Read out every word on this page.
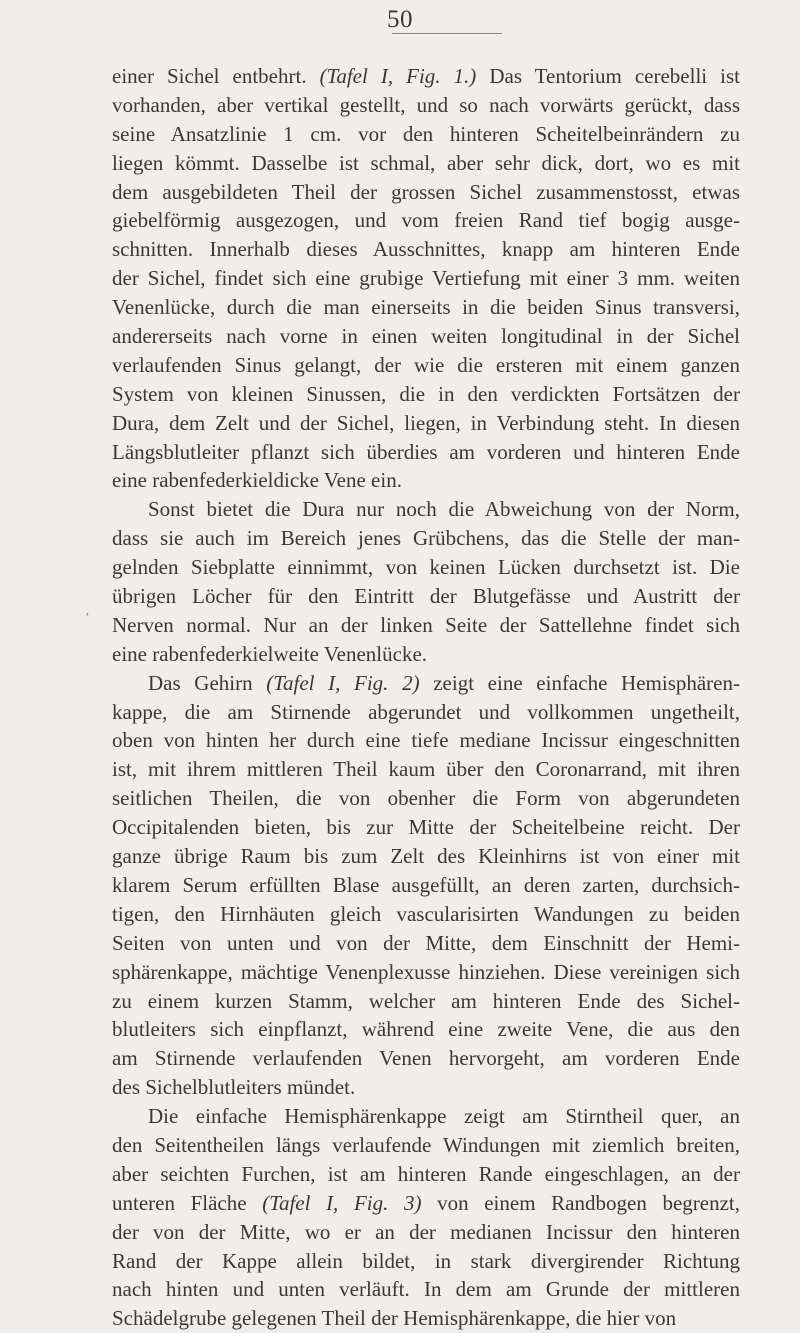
50
,
einer Sichel entbehrt. (Tafel I, Fig. 1.) Das Tentorium cerebelli ist
vorhanden, aber vertikal gestellt, und so nach vorwärts gerückt, dass
seine Ansatzlinie 1 cm. vor den hinteren Scheitelbeinrändern zu
liegen kömmt. Dasselbe ist schmal, aber sehr dick, dort, wo es mit
dem ausgebildeten Theil der grossen Sichel zusammenstosst, etwas
giebelförmig ausgezogen, und vom freien Rand tief bogig ausge-
schnitten. Innerhalb dieses Ausschnittes, knapp am hinteren Ende
der Sichel, findet sich eine grubige Vertiefung mit einer 3 mm. weiten
Venenlücke, durch die man einerseits in die beiden Sinus transversi,
andererseits nach vorne in einen weiten longitudinal in der Sichel
verlaufenden Sinus gelangt, der wie die ersteren mit einem ganzen
System von kleinen Sinussen, die in den verdickten Fortsätzen der
Dura, dem Zelt und der Sichel, liegen, in Verbindung steht. In diesen
Längsblutleiter pflanzt sich überdies am vorderen und hinteren Ende
eine rabenfederkieldicke Vene ein.
Sonst bietet die Dura nur noch die Abweichung von der Norm,
dass sie auch im Bereich jenes Grübchens, das die Stelle der man-
gelnden Siebplatte einnimmt, von keinen Lücken durchsetzt ist. Die
übrigen Löcher für den Eintritt der Blutgefässe und Austritt der
Nerven normal. Nur an der linken Seite der Sattellehne findet sich
eine rabenfederkielweite Venenlücke.
Das Gehirn (Tafel I, Fig. 2) zeigt eine einfache Hemisphären-
kappe, die am Stirnende abgerundet und vollkommen ungetheilt,
oben von hinten her durch eine tiefe mediane Incissur eingeschnitten
ist, mit ihrem mittleren Theil kaum über den Coronarrand, mit ihren
seitlichen Theilen, die von obenher die Form von abgerundeten
Occipitalenden bieten, bis zur Mitte der Scheitelbeine reicht. Der
ganze übrige Raum bis zum Zelt des Kleinhirns ist von einer mit
klarem Serum erfüllten Blase ausgefüllt, an deren zarten, durchsich-
tigen, den Hirnhäuten gleich vascularisirten Wandungen zu beiden
Seiten von unten und von der Mitte, dem Einschnitt der Hemi-
sphärenkappe, mächtige Venenplexusse hinziehen. Diese vereinigen sich
zu einem kurzen Stamm, welcher am hinteren Ende des Sichel-
blutleiters sich einpflanzt, während eine zweite Vene, die aus den
am Stirnende verlaufenden Venen hervorgeht, am vorderen Ende
des Sichelblutleiters mündet.
Die einfache Hemisphärenkappe zeigt am Stirntheil quer, an
den Seitentheilen längs verlaufende Windungen mit ziemlich breiten,
aber seichten Furchen, ist am hinteren Rande eingeschlagen, an der
unteren Fläche (Tafel I, Fig. 3) von einem Randbogen begrenzt,
der von der Mitte, wo er an der medianen Incissur den hinteren
Rand der Kappe allein bildet, in stark divergirender Richtung
nach hinten und unten verläuft. In dem am Grunde der mittleren
Schädelgrube gelegenen Theil der Hemisphärenkappe, die hier von
